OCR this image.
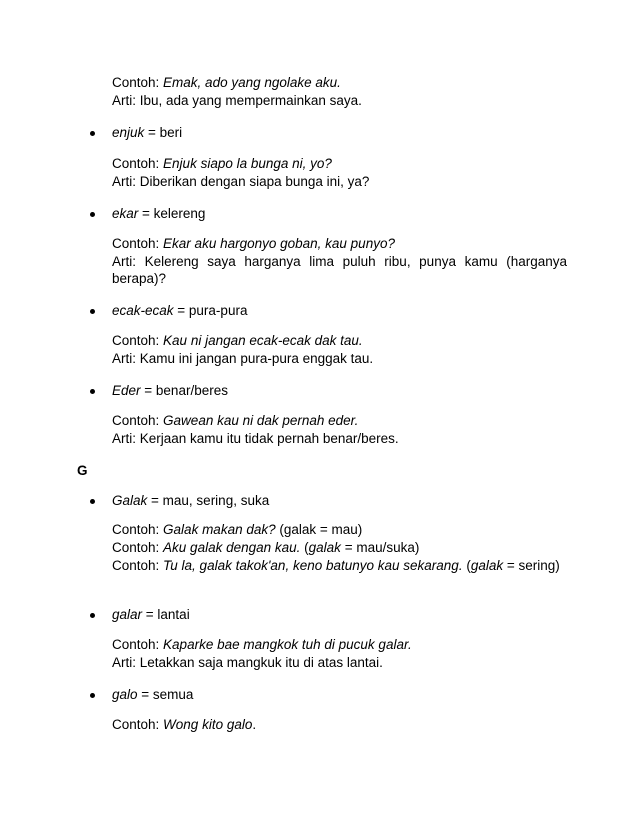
Contoh: Emak, ado yang ngolake aku.
Arti: Ibu, ada yang mempermainkan saya.
enjuk = beri
Contoh: Enjuk siapo la bunga ni, yo?
Arti: Diberikan dengan siapa bunga ini, ya?
ekar = kelereng
Contoh: Ekar aku hargonyo goban, kau punyo?
Arti: Kelereng saya harganya lima puluh ribu, punya kamu (harganya berapa)?
ecak-ecak = pura-pura
Contoh: Kau ni jangan ecak-ecak dak tau.
Arti: Kamu ini jangan pura-pura enggak tau.
Eder = benar/beres
Contoh: Gawean kau ni dak pernah eder.
Arti: Kerjaan kamu itu tidak pernah benar/beres.
G
Galak = mau, sering, suka
Contoh: Galak makan dak? (galak = mau)
Contoh: Aku galak dengan kau. (galak = mau/suka)
Contoh: Tu la, galak takok'an, keno batunyo kau sekarang. (galak = sering)
galar = lantai
Contoh: Kaparke bae mangkok tuh di pucuk galar.
Arti: Letakkan saja mangkuk itu di atas lantai.
galo = semua
Contoh: Wong kito galo.
